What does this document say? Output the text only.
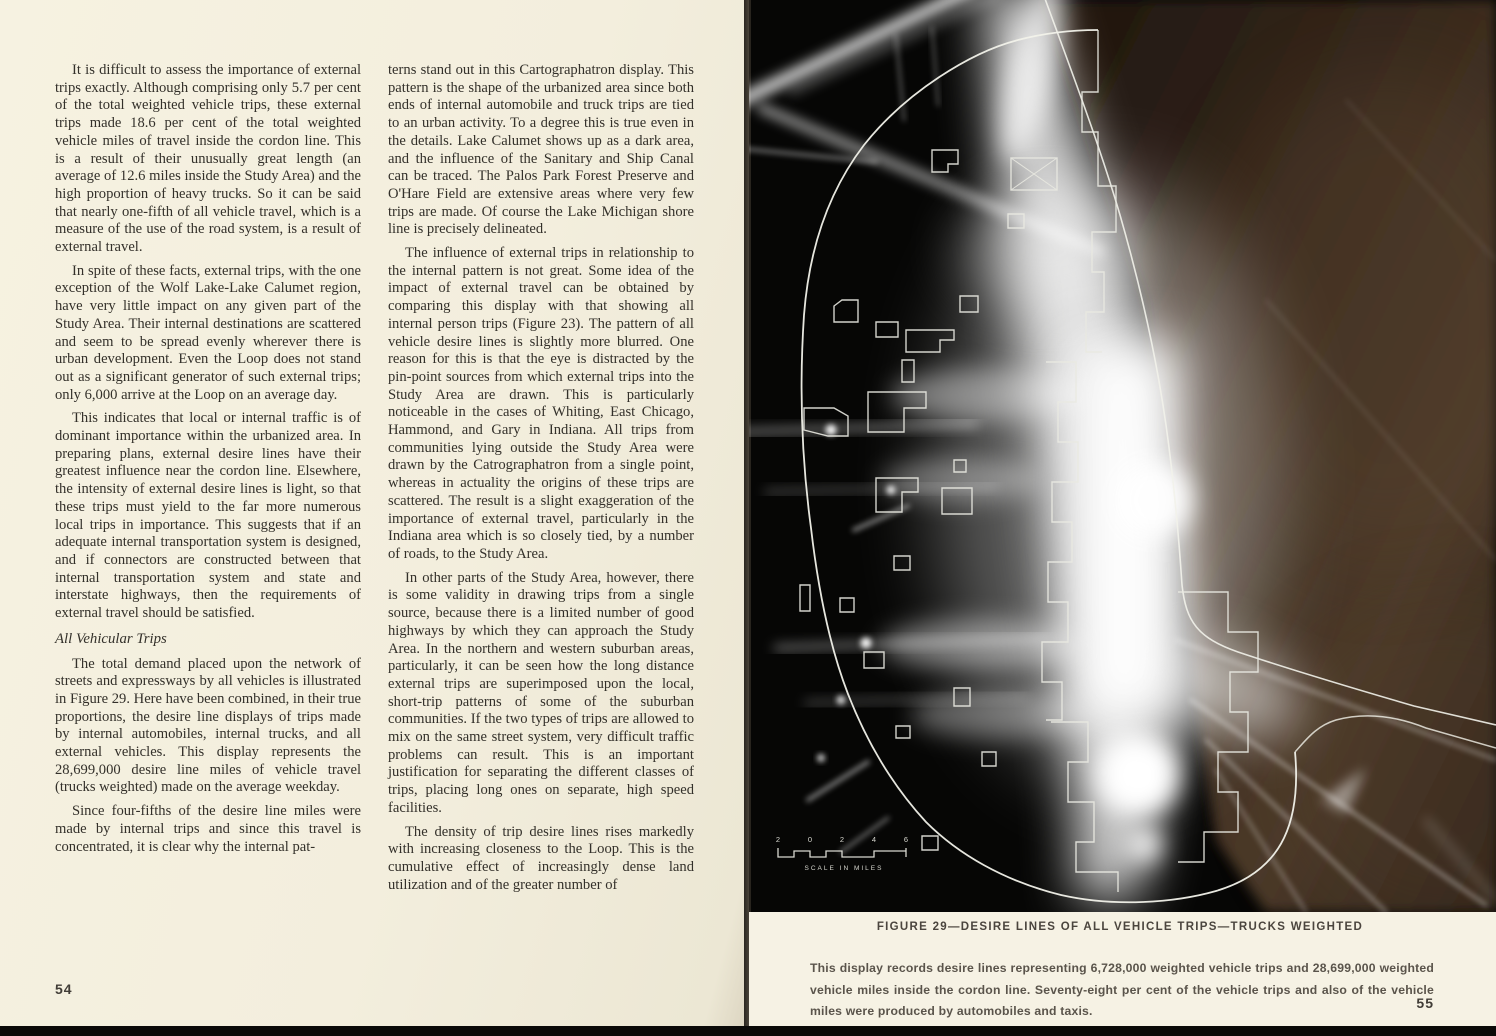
It is difficult to assess the importance of external trips exactly. Although comprising only 5.7 per cent of the total weighted vehicle trips, these external trips made 18.6 per cent of the total weighted vehicle miles of travel inside the cordon line. This is a result of their unusually great length (an average of 12.6 miles inside the Study Area) and the high proportion of heavy trucks. So it can be said that nearly one-fifth of all vehicle travel, which is a measure of the use of the road system, is a result of external travel.

In spite of these facts, external trips, with the one exception of the Wolf Lake-Lake Calumet region, have very little impact on any given part of the Study Area. Their internal destinations are scattered and seem to be spread evenly wherever there is urban development. Even the Loop does not stand out as a significant generator of such external trips; only 6,000 arrive at the Loop on an average day.

This indicates that local or internal traffic is of dominant importance within the urbanized area. In preparing plans, external desire lines have their greatest influence near the cordon line. Elsewhere, the intensity of external desire lines is light, so that these trips must yield to the far more numerous local trips in importance. This suggests that if an adequate internal transportation system is designed, and if connectors are constructed between that internal transportation system and state and interstate highways, then the requirements of external travel should be satisfied.

All Vehicular Trips

The total demand placed upon the network of streets and expressways by all vehicles is illustrated in Figure 29. Here have been combined, in their true proportions, the desire line displays of trips made by internal automobiles, internal trucks, and all external vehicles. This display represents the 28,699,000 desire line miles of vehicle travel (trucks weighted) made on the average weekday.

Since four-fifths of the desire line miles were made by internal trips and since this travel is concentrated, it is clear why the internal pat-

terns stand out in this Cartographatron display. This pattern is the shape of the urbanized area since both ends of internal automobile and truck trips are tied to an urban activity. To a degree this is true even in the details. Lake Calumet shows up as a dark area, and the influence of the Sanitary and Ship Canal can be traced. The Palos Park Forest Preserve and O'Hare Field are extensive areas where very few trips are made. Of course the Lake Michigan shore line is precisely delineated.

The influence of external trips in relationship to the internal pattern is not great. Some idea of the impact of external travel can be obtained by comparing this display with that showing all internal person trips (Figure 23). The pattern of all vehicle desire lines is slightly more blurred. One reason for this is that the eye is distracted by the pin-point sources from which external trips into the Study Area are drawn. This is particularly noticeable in the cases of Whiting, East Chicago, Hammond, and Gary in Indiana. All trips from communities lying outside the Study Area were drawn by the Catrographatron from a single point, whereas in actuality the origins of these trips are scattered. The result is a slight exaggeration of the importance of external travel, particularly in the Indiana area which is so closely tied, by a number of roads, to the Study Area.

In other parts of the Study Area, however, there is some validity in drawing trips from a single source, because there is a limited number of good highways by which they can approach the Study Area. In the northern and western suburban areas, particularly, it can be seen how the long distance external trips are superimposed upon the local, short-trip patterns of some of the suburban communities. If the two types of trips are allowed to mix on the same street system, very difficult traffic problems can result. This is an important justification for separating the different classes of trips, placing long ones on separate, high speed facilities.

The density of trip desire lines rises markedly with increasing closeness to the Loop. This is the cumulative effect of increasingly dense land utilization and of the greater number of

54
2	0	2	4	6
SCALE IN MILES
FIGURE 29—DESIRE LINES OF ALL VEHICLE TRIPS—TRUCKS WEIGHTED

This display records desire lines representing 6,728,000 weighted vehicle trips and 28,699,000 weighted vehicle miles inside the cordon line. Seventy-eight per cent of the vehicle trips and also of the vehicle miles were produced by automobiles and taxis.

55
